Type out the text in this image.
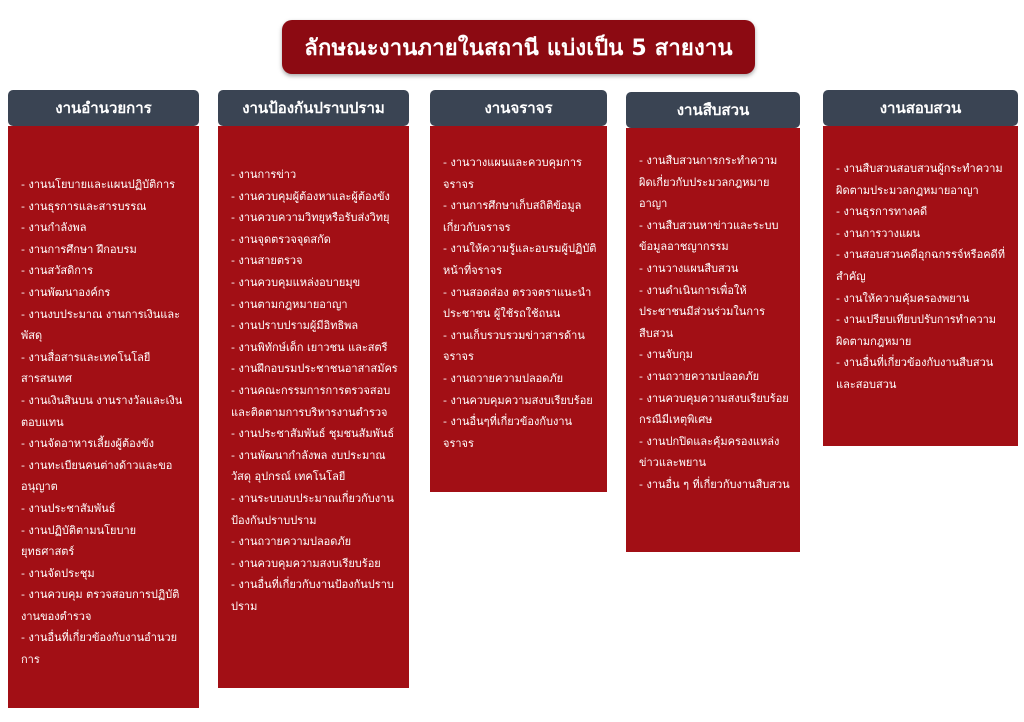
ลักษณะงานภายในสถานี แบ่งเป็น 5 สายงาน
งานอำนวยการ
- งานนโยบายและแผนปฏิบัติการ
- งานธุรการและสารบรรณ
- งานกำลังพล
- งานการศึกษา ฝึกอบรม
- งานสวัสดิการ
- งานพัฒนาองค์กร
- งานงบประมาณ งานการเงินและพัสดุ
- งานสื่อสารและเทคโนโลยีสารสนเทศ
- งานเงินสินบน งานรางวัลและเงินตอบแทน
- งานจัดอาหารเลี้ยงผู้ต้องขัง
- งานทะเบียนคนต่างด้าวและขออนุญาต
- งานประชาสัมพันธ์
- งานปฏิบัติตามนโยบายยุทธศาสตร์
- งานจัดประชุม
- งานควบคุม ตรวจสอบการปฏิบัติงานของตำรวจ
- งานอื่นที่เกี่ยวข้องกับงานอำนวยการ
งานป้องกันปราบปราม
- งานการข่าว
- งานควบคุมผู้ต้องหาและผู้ต้องขัง
- งานควบความวิทยุหรือรับส่งวิทยุ
- งานจุดตรวจจุดสกัด
- งานสายตรวจ
- งานควบคุมแหล่งอบายมุข
- งานตามกฎหมายอาญา
- งานปราบปรามผู้มีอิทธิพล
- งานพิทักษ์เด็ก เยาวชน และสตรี
- งานฝึกอบรมประชาชนอาสาสมัคร
- งานคณะกรรมการการตรวจสอบและติดตามการบริหารงานตำรวจ
- งานประชาสัมพันธ์ ชุมชนสัมพันธ์
- งานพัฒนากำลังพล งบประมาณ วัสดุ อุปกรณ์ เทคโนโลยี
- งานระบบงบประมาณเกี่ยวกับงานป้องกันปราบปราม
- งานถวายความปลอดภัย
- งานควบคุมความสงบเรียบร้อย
- งานอื่นที่เกี่ยวกับงานป้องกันปราบปราม
งานจราจร
- งานวางแผนและควบคุมการจราจร
- งานการศึกษาเก็บสถิติข้อมูลเกี่ยวกับจราจร
- งานให้ความรู้และอบรมผู้ปฏิบัติหน้าที่จราจร
- งานสอดส่อง ตรวจตราแนะนำประชาชน ผู้ใช้รถใช้ถนน
- งานเก็บรวบรวมข่าวสารด้านจราจร
- งานถวายความปลอดภัย
- งานควบคุมความสงบเรียบร้อย
- งานอื่นๆที่เกี่ยวข้องกับงานจราจร
งานสืบสวน
- งานสืบสวนการกระทำความผิดเกี่ยวกับประมวลกฎหมายอาญา
- งานสืบสวนหาข่าวและระบบข้อมูลอาชญากรรม
- งานวางแผนสืบสวน
- งานดำเนินการเพื่อให้ประชาชนมีส่วนร่วมในการสืบสวน
- งานจับกุม
- งานถวายความปลอดภัย
- งานควบคุมความสงบเรียบร้อยกรณีมีเหตุพิเศษ
- งานปกปิดและคุ้มครองแหล่งข่าวและพยาน
- งานอื่น ๆ ที่เกี่ยวกับงานสืบสวน
งานสอบสวน
- งานสืบสวนสอบสวนผู้กระทำความผิดตามประมวลกฎหมายอาญา
- งานธุรการทางคดี
- งานการวางแผน
- งานสอบสวนคดีอุกฉกรรจ์หรือคดีที่สำคัญ
- งานให้ความคุ้มครองพยาน
- งานเปรียบเทียบปรับการทำความผิดตามกฎหมาย
- งานอื่นที่เกี่ยวข้องกับงานสืบสวนและสอบสวน
